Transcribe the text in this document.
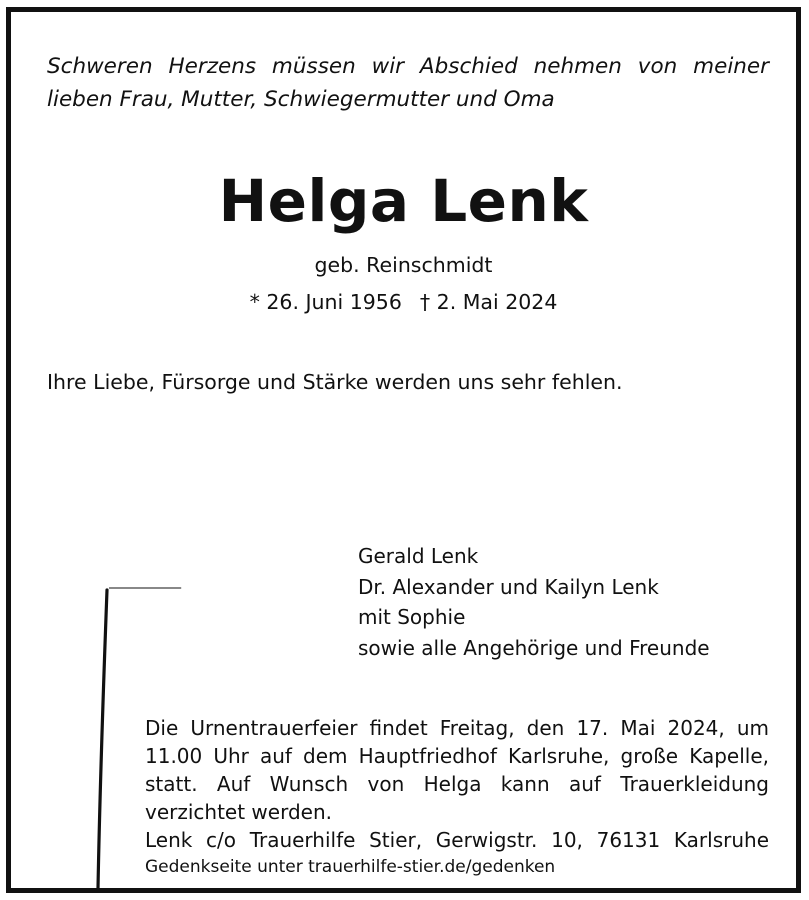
Schweren Herzens müssen wir Abschied nehmen von meiner lieben Frau, Mutter, Schwiegermutter und Oma
Helga Lenk
geb. Reinschmidt
* 26. Juni 1956 † 2. Mai 2024
Ihre Liebe, Fürsorge und Stärke werden uns sehr fehlen.
Gerald Lenk
Dr. Alexander und Kailyn Lenk
mit Sophie
sowie alle Angehörige und Freunde
Die Urnentrauerfeier findet Freitag, den 17. Mai 2024, um 11.00 Uhr auf dem Hauptfriedhof Karlsruhe, große Kapelle, statt. Auf Wunsch von Helga kann auf Trauerkleidung verzichtet werden.
Lenk c/o Trauerhilfe Stier, Gerwigstr. 10, 76131 Karlsruhe
Gedenkseite unter trauerhilfe-stier.de/gedenken
